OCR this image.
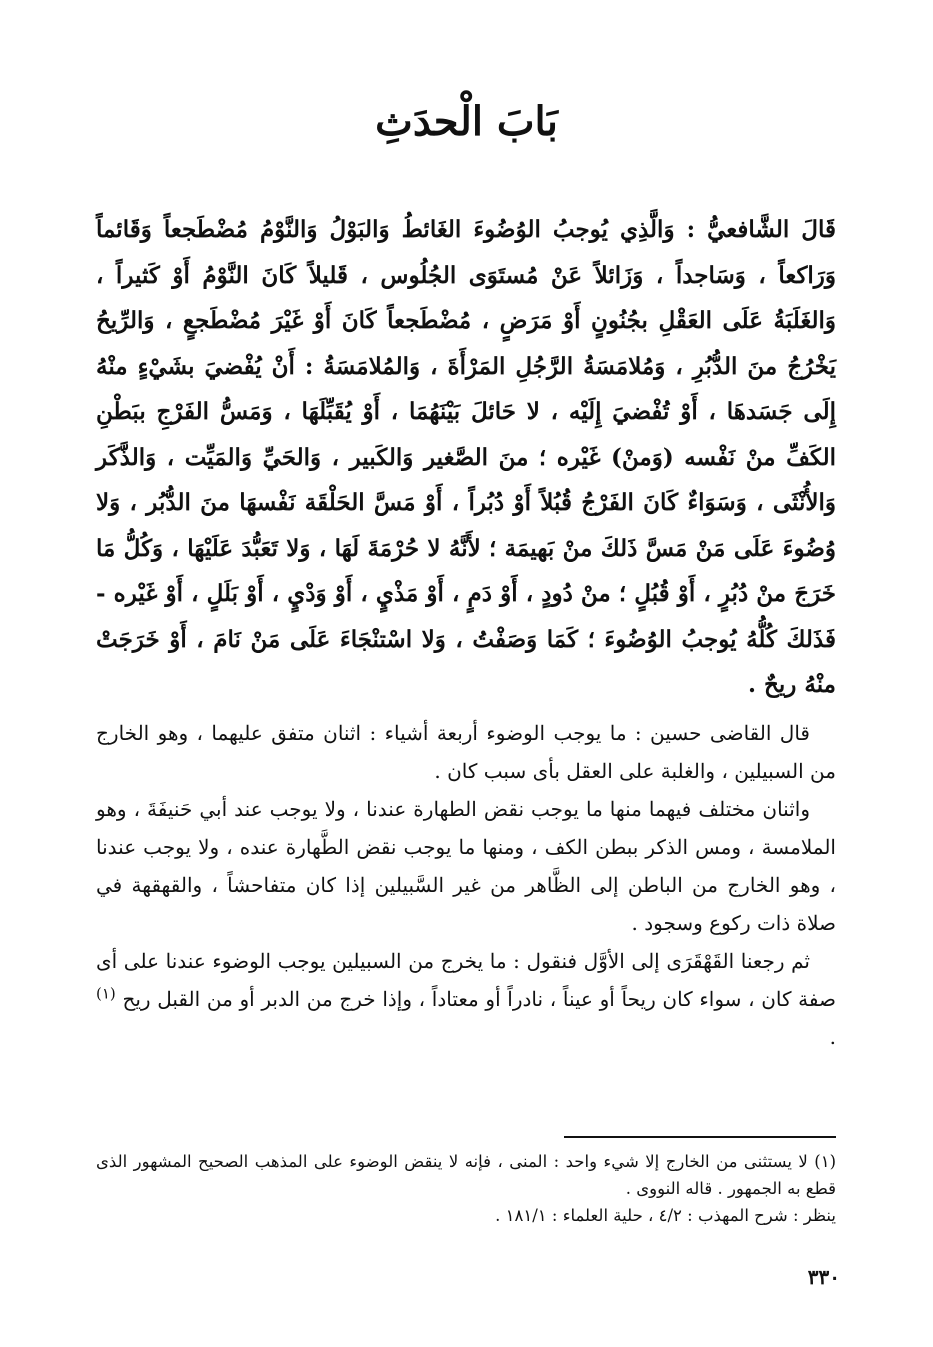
بَابَ الْحدَثِ

قَالَ الشَّافعيُّ : وَالَّذِي يُوجبُ الوُضُوءَ الغَائطُ وَالبَوْلُ وَالنَّوْمُ مُضْطَجعاً وَقَائماً وَرَاكعاً ، وَسَاجداً ، وَزَائلاً عَنْ مُستَوَى الجُلُوس ، قَليلاً كَانَ النَّوْمُ أَوْ كَثيراً ، وَالغَلَبَةُ عَلَى العَقْلِ بجُنُونٍ أَوْ مَرَضٍ ، مُضْطَجعاً كَانَ أَوْ غَيْرَ مُضْطَجعٍ ، وَالرِّيحُ يَخْرُجُ منَ الدُّبُرِ ، وَمُلامَسَةُ الرَّجُلِ المَرْأَةَ ، وَالمُلامَسَةُ : أَنْ يُفْضيَ بشَيْءٍ منْهُ إِلَى جَسَدهَا ، أَوْ تُفْضيَ إِلَيْه ، لا حَائلَ بَيْنَهُمَا ، أَوْ يُقَبِّلَهَا ، وَمَسُّ الفَرْجِ ببَطْنِ الكَفِّ منْ نَفْسه (وَمنْ) غَيْره ؛ منَ الصَّغير وَالكَبير ، وَالحَيِّ وَالمَيِّت ، وَالذَّكَر وَالأُنْثَى ، وَسَوَاءٌ كَانَ الفَرْجُ قُبُلاً أَوْ دُبُراً ، أَوْ مَسَّ الحَلْقَة نَفْسهَا منَ الدُّبُر ، وَلا وُضُوءَ عَلَى مَنْ مَسَّ ذَلكَ منْ بَهيمَة ؛ لأَنَّهُ لا حُرْمَةَ لَهَا ، وَلا تَعَبُّدَ عَلَيْهَا ، وَكُلُّ مَا خَرَجَ منْ دُبُرٍ ، أَوْ قُبُلٍ ؛ منْ دُودٍ ، أَوْ دَمٍ ، أَوْ مَذْيٍ ، أَوْ وَدْيٍ ، أَوْ بَلَلٍ ، أَوْ غَيْره - فَذَلكَ كُلُّهُ يُوجبُ الوُضُوءَ ؛ كَمَا وَصَفْتُ ، وَلا اسْتنْجَاءَ عَلَى مَنْ نَامَ ، أَوْ خَرَجَتْ منْهُ ريحٌ .

قال القاضى حسين : ما يوجب الوضوء أربعة أشياء : اثنان متفق عليهما ، وهو الخارج من السبيلين ، والغلبة على العقل بأى سبب كان .

واثنان مختلف فيهما منها ما يوجب نقض الطهارة عندنا ، ولا يوجب عند أبي حَنيفَةَ ، وهو الملامسة ، ومس الذكر ببطن الكف ، ومنها ما يوجب نقض الطَّهارة عنده ، ولا يوجب عندنا ، وهو الخارج من الباطن إلى الظَّاهر من غير السَّبيلين إذا كان متفاحشاً ، والقهقهة في صلاة ذات ركوع وسجود .

ثم رجعنا القَهْقَرَى إلى الأوَّل فنقول : ما يخرج من السبيلين يوجب الوضوء عندنا على أى صفة كان ، سواء كان ريحاً أو عيناً ، نادراً أو معتاداً ، وإذا خرج من الدبر أو من القبل ريح $^{(١)}$ .

(١) لا يستثنى من الخارج إلا شيء واحد : المنى ، فإنه لا ينقض الوضوء على المذهب الصحيح المشهور الذى قطع به الجمهور . قاله النووى .

ينظر : شرح المهذب : ٤/٢ ، حلية العلماء : ١٨١/١ .

٣٣٠
